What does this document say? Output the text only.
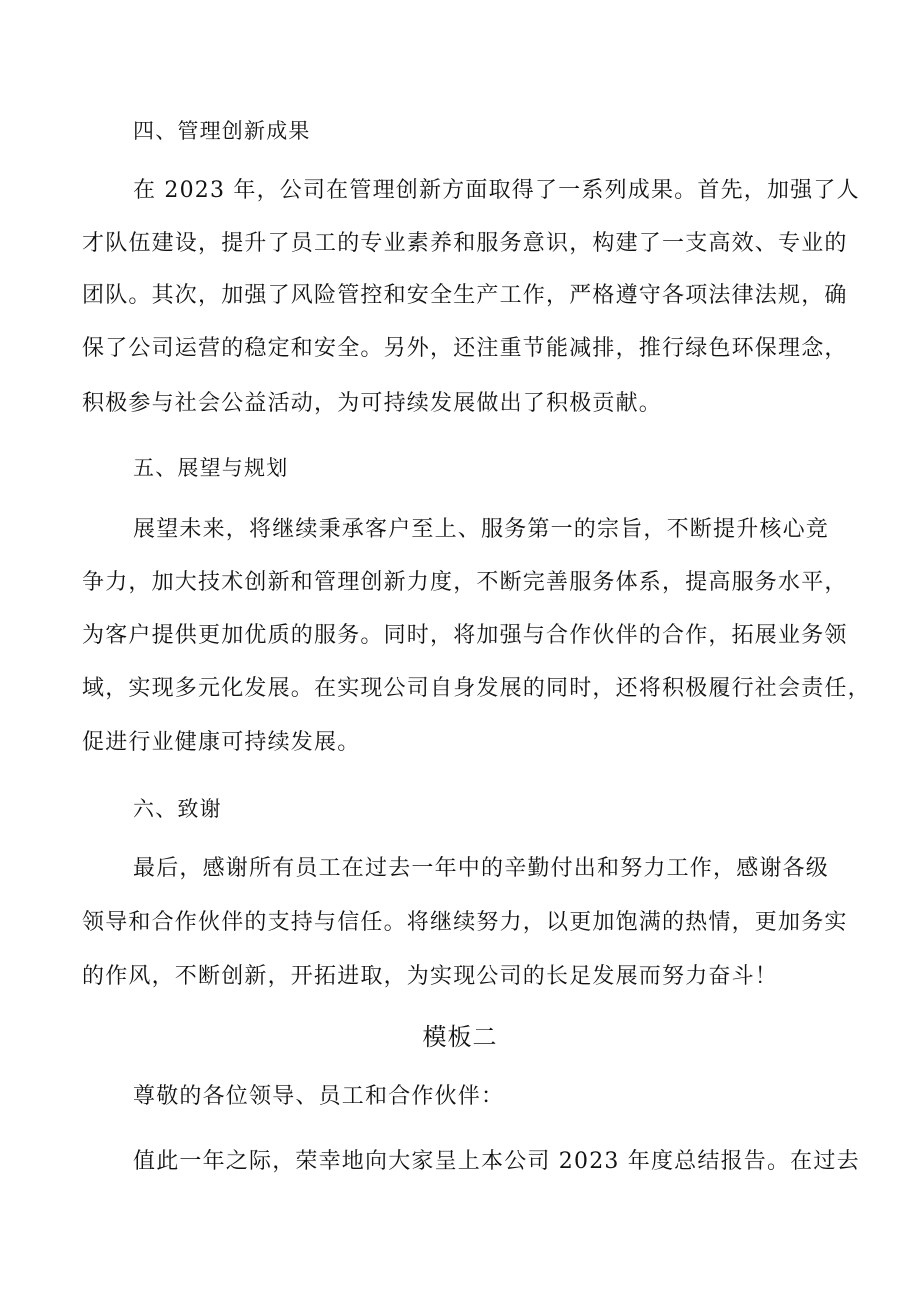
四、管理创新成果
在 2023 年，公司在管理创新方面取得了一系列成果。首先，加强了人
才队伍建设，提升了员工的专业素养和服务意识，构建了一支高效、专业的
团队。其次，加强了风险管控和安全生产工作，严格遵守各项法律法规，确
保了公司运营的稳定和安全。另外，还注重节能减排，推行绿色环保理念，
积极参与社会公益活动，为可持续发展做出了积极贡献。
五、展望与规划
展望未来，将继续秉承客户至上、服务第一的宗旨，不断提升核心竞
争力，加大技术创新和管理创新力度，不断完善服务体系，提高服务水平，
为客户提供更加优质的服务。同时，将加强与合作伙伴的合作，拓展业务领
域，实现多元化发展。在实现公司自身发展的同时，还将积极履行社会责任，
促进行业健康可持续发展。
六、致谢
最后，感谢所有员工在过去一年中的辛勤付出和努力工作，感谢各级
领导和合作伙伴的支持与信任。将继续努力，以更加饱满的热情，更加务实
的作风，不断创新，开拓进取，为实现公司的长足发展而努力奋斗！
模板二
尊敬的各位领导、员工和合作伙伴：
值此一年之际，荣幸地向大家呈上本公司 2023 年度总结报告。在过去
